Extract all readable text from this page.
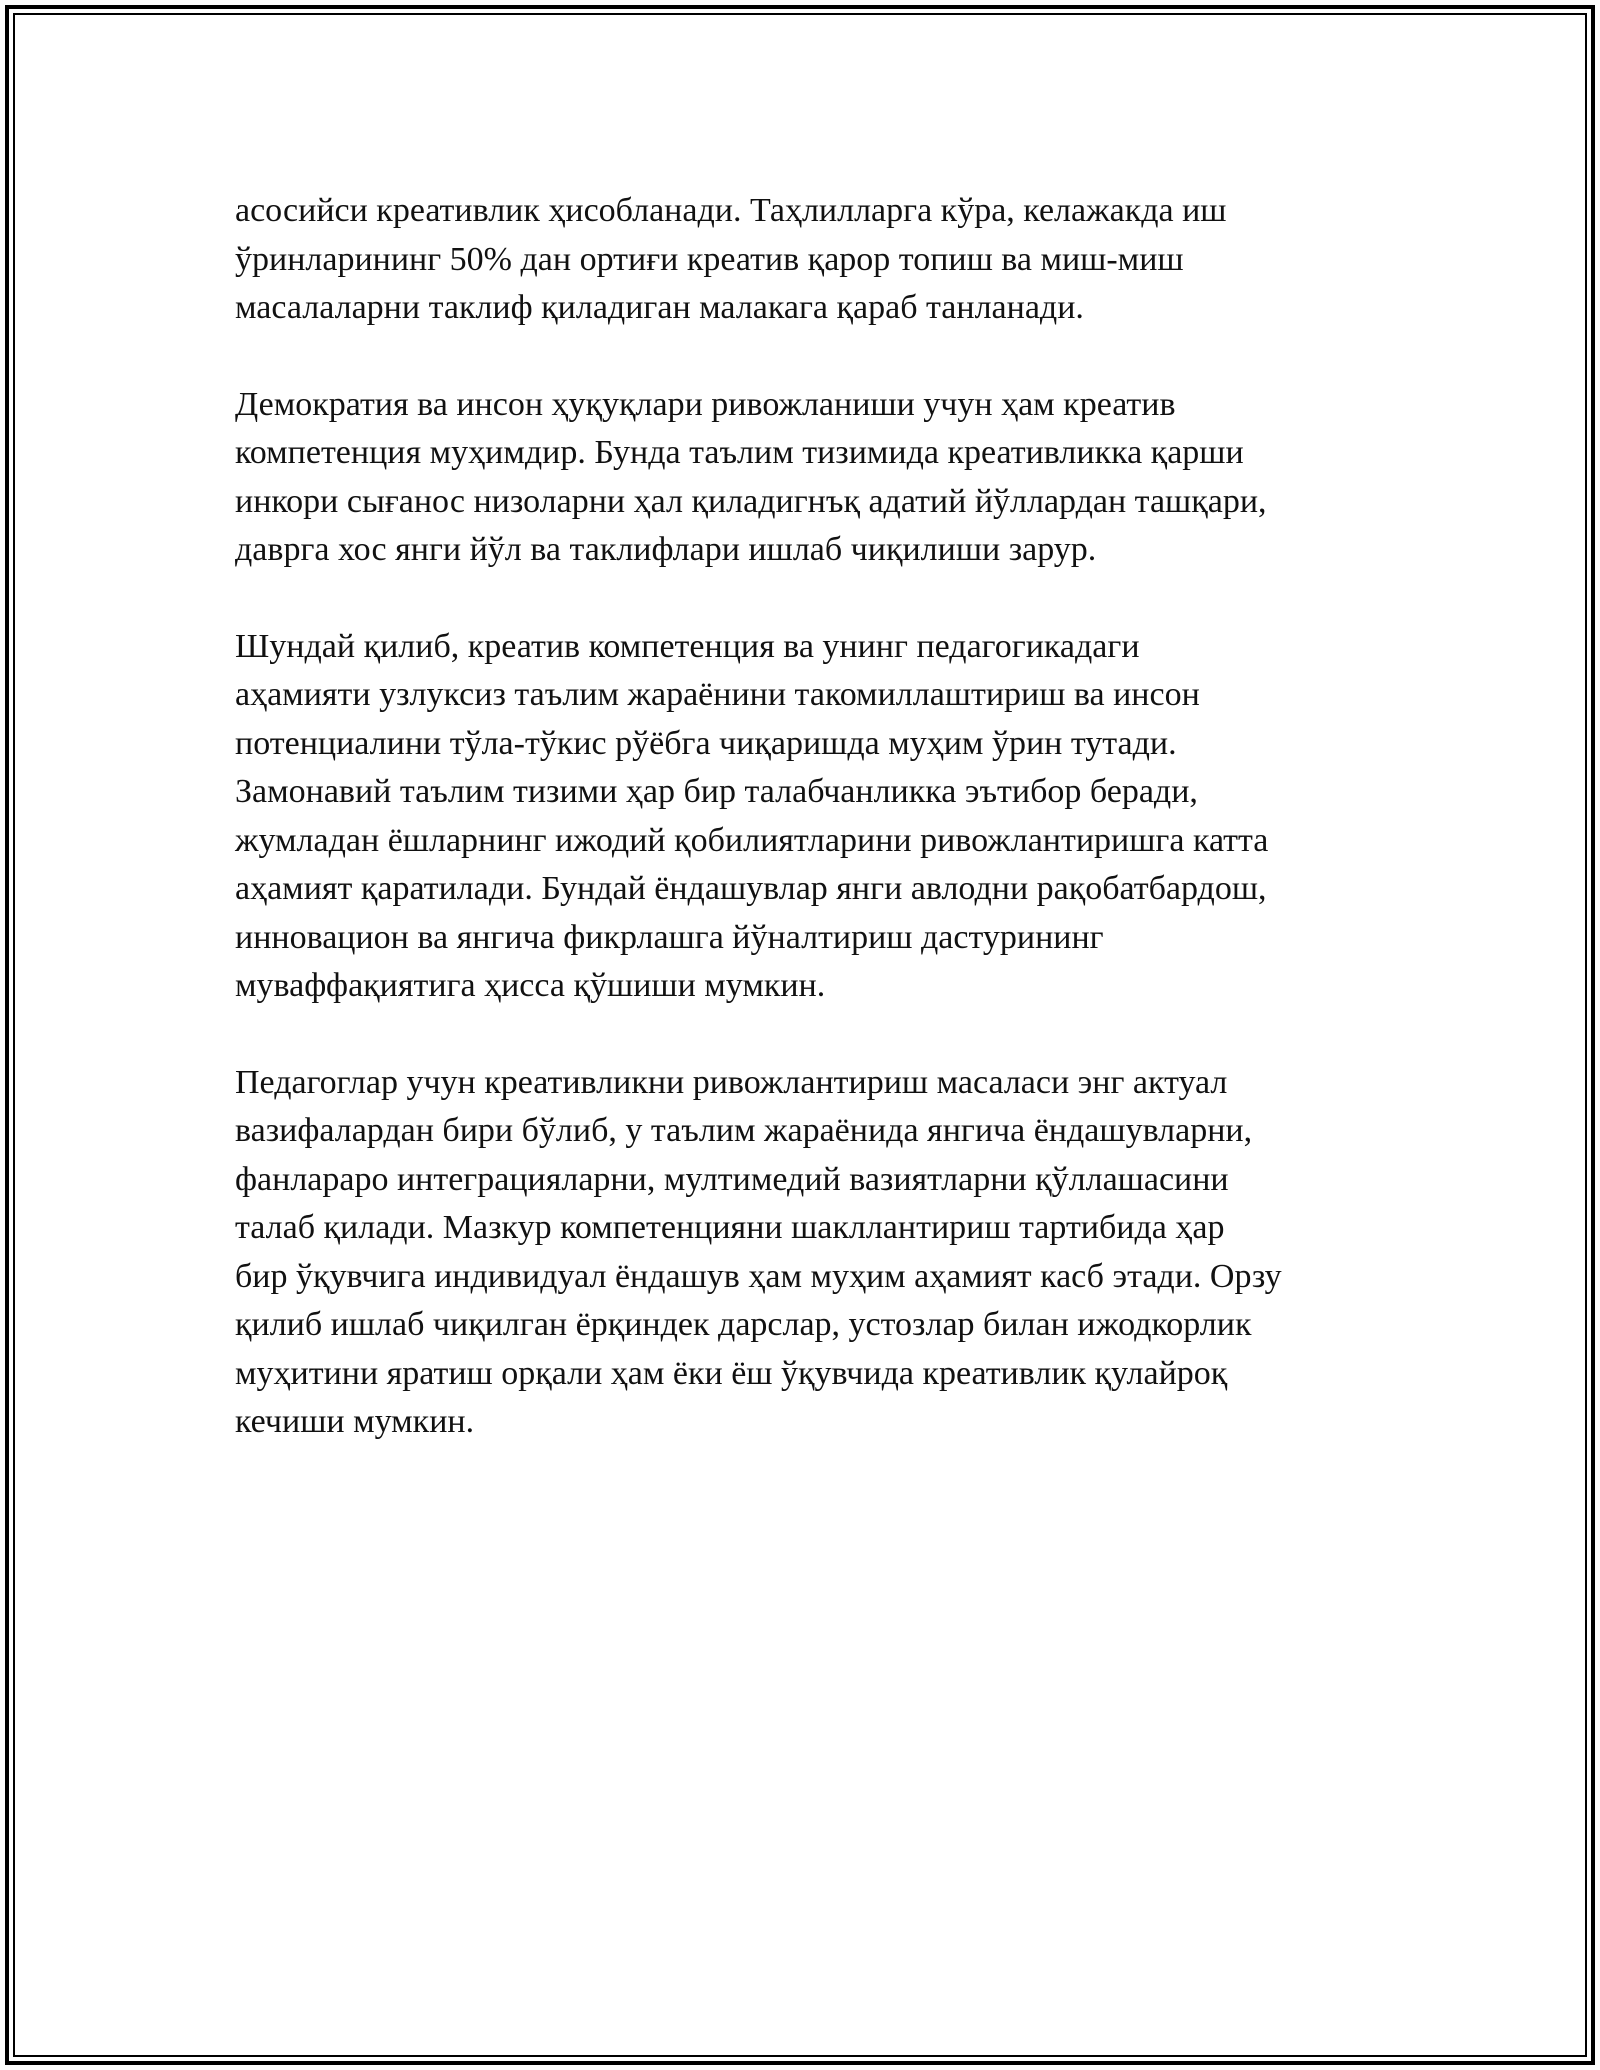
асосийси креативлик ҳисобланади. Таҳлилларга кўра, келажакда иш
ўринларининг 50% дан ортиғи креатив қарор топиш ва миш-миш
масалаларни таклиф қиладиган малакага қараб танланади.

Демократия ва инсон ҳуқуқлари ривожланиши учун ҳам креатив
компетенция муҳимдир. Бунда таълим тизимида креативликка қарши
инкори сығанос низоларни ҳал қиладигнъқ адатий йўллардан ташқари,
даврга хос янги йўл ва таклифлари ишлаб чиқилиши зарур.

Шундай қилиб, креатив компетенция ва унинг педагогикадаги
аҳамияти узлуксиз таълим жараёнини такомиллаштириш ва инсон
потенциалини тўла-тўкис рўёбга чиқаришда муҳим ўрин тутади.
Замонавий таълим тизими ҳар бир талабчанликка эътибор беради,
жумладан ёшларнинг ижодий қобилиятларини ривожлантиришга катта
аҳамият қаратилади. Бундай ёндашувлар янги авлодни рақобатбардош,
инновацион ва янгича фикрлашга йўналтириш дастурининг
муваффақиятига ҳисса қўшиши мумкин.

Педагоглар учун креативликни ривожлантириш масаласи энг актуал
вазифалардан бири бўлиб, у таълим жараёнида янгича ёндашувларни,
фанлараро интеграцияларни, мултимедий вазиятларни қўллашасини
талаб қилади. Мазкур компетенцияни шакллантириш тартибида ҳар
бир ўқувчига индивидуал ёндашув ҳам муҳим аҳамият касб этади. Орзу
қилиб ишлаб чиқилган ёрқиндек дарслар, устозлар билан ижодкорлик
муҳитини яратиш орқали ҳам ёки ёш ўқувчида креативлик қулайроқ
кечиши мумкин.
